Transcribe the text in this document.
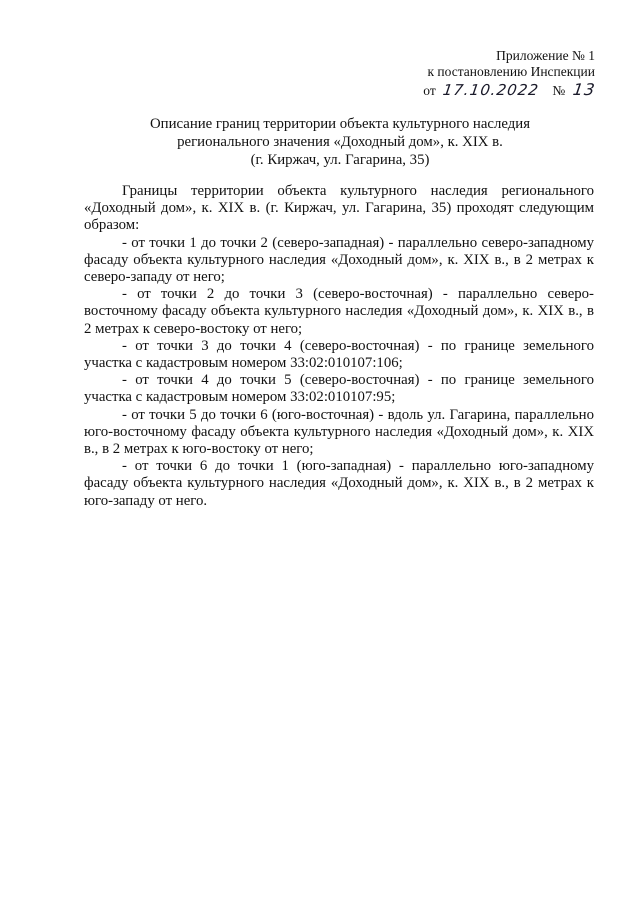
Приложение № 1
к постановлению Инспекции
от 17.10.2022 № 13
Описание границ территории объекта культурного наследия
регионального значения «Доходный дом», к. XIX в.
(г. Киржач, ул. Гагарина, 35)

Границы территории объекта культурного наследия регионального «Доходный дом», к. XIX в. (г. Киржач, ул. Гагарина, 35) проходят следующим образом:

- от точки 1 до точки 2 (северо-западная) - параллельно северо-западному фасаду объекта культурного наследия «Доходный дом», к. XIX в., в 2 метрах к северо-западу от него;

- от точки 2 до точки 3 (северо-восточная) - параллельно северо-восточному фасаду объекта культурного наследия «Доходный дом», к. XIX в., в 2 метрах к северо-востоку от него;

- от точки 3 до точки 4 (северо-восточная) - по границе земельного участка с кадастровым номером 33:02:010107:106;

- от точки 4 до точки 5 (северо-восточная) - по границе земельного участка с кадастровым номером 33:02:010107:95;

- от точки 5 до точки 6 (юго-восточная) - вдоль ул. Гагарина, параллельно юго-восточному фасаду объекта культурного наследия «Доходный дом», к. XIX в., в 2 метрах к юго-востоку от него;

- от точки 6 до точки 1 (юго-западная) - параллельно юго-западному фасаду объекта культурного наследия «Доходный дом», к. XIX в., в 2 метрах к юго-западу от него.
